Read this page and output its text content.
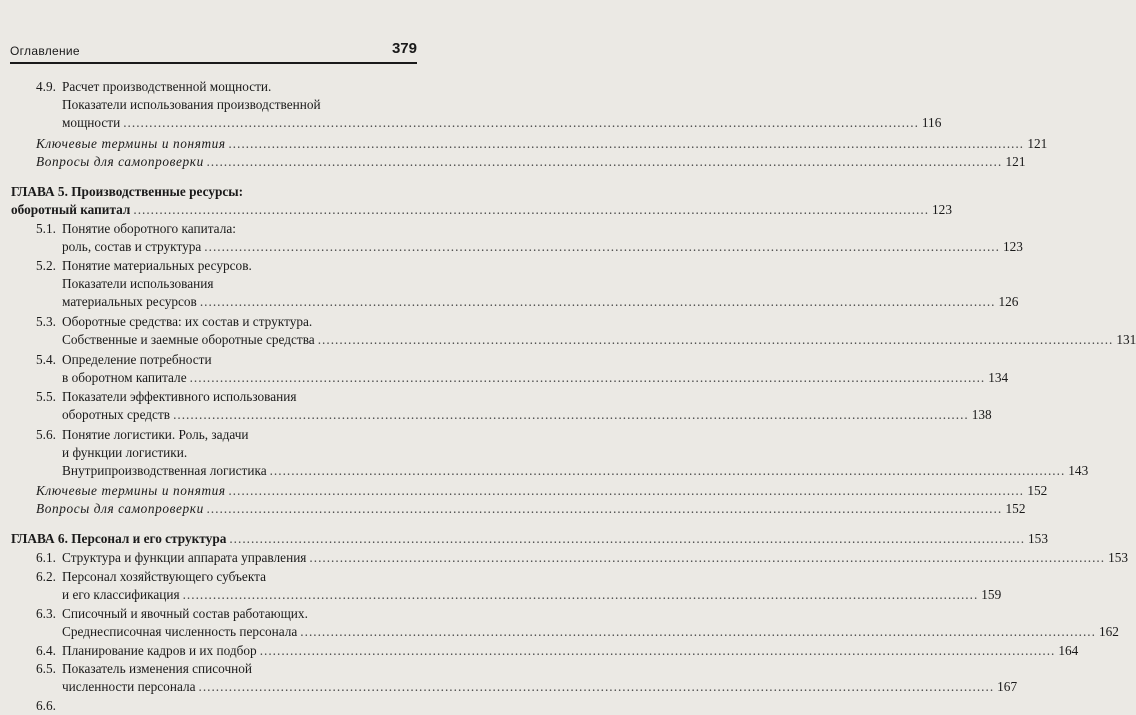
Оглавление	379
4.9. Расчет производственной мощности.
Показатели использования производственной
мощности .....	116
Ключевые термины и понятия .....	121
Вопросы для самопроверки .....	121
ГЛАВА 5. Производственные ресурсы:
оборотный капитал .....	123
5.1. Понятие оборотного капитала:
роль, состав и структура .....	123
5.2. Понятие материальных ресурсов.
Показатели использования
материальных ресурсов .....	126
5.3. Оборотные средства: их состав и структура.
Собственные и заемные оборотные средства .....	131
5.4. Определение потребности
в оборотном капитале .....	134
5.5. Показатели эффективного использования
оборотных средств .....	138
5.6. Понятие логистики. Роль, задачи
и функции логистики.
Внутрипроизводственная логистика .....	143
Ключевые термины и понятия .....	152
Вопросы для самопроверки .....	152
ГЛАВА 6. Персонал и его структура .....	153
6.1. Структура и функции аппарата управления .....	153
6.2. Персонал хозяйствующего субъекта
и его классификация .....	159
6.3. Списочный и явочный состав работающих.
Среднесписочная численность персонала .....	162
6.4. Планирование кадров и их подбор .....	164
6.5. Показатель изменения списочной
численности персонала .....	167
6.6.
